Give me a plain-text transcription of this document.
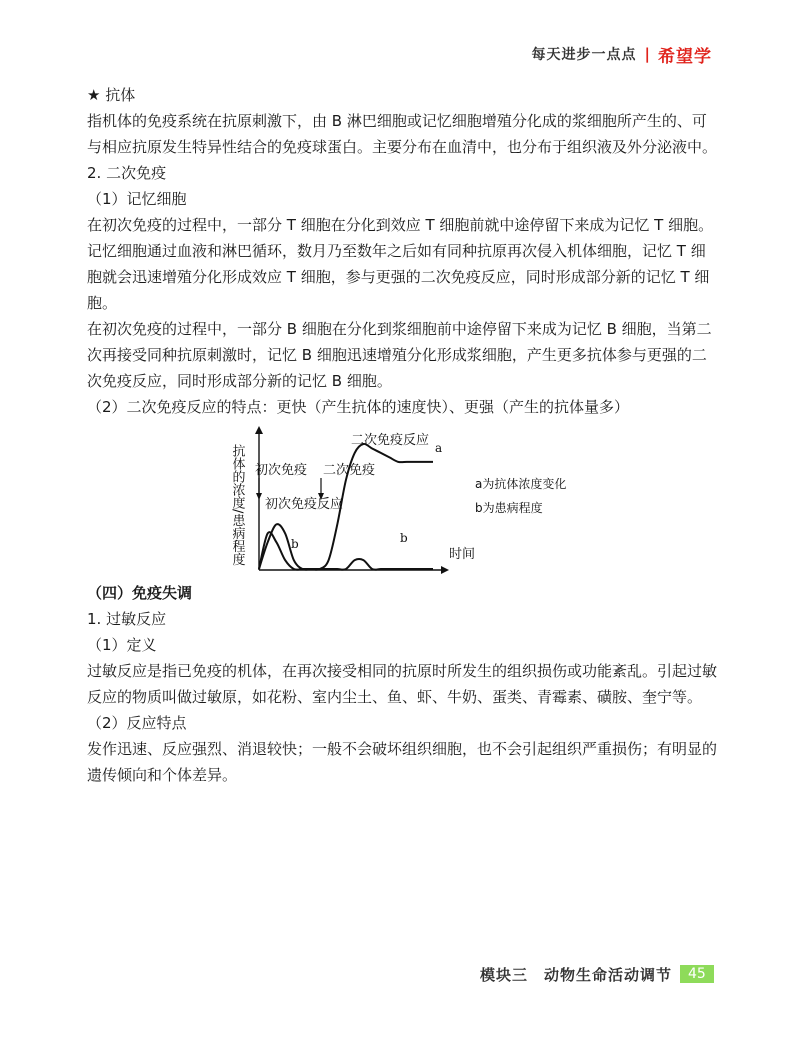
每天进步一点点 | 希望学

★ 抗体

指机体的免疫系统在抗原刺激下，由 B 淋巴细胞或记忆细胞增殖分化成的浆细胞所产生的、可与相应抗原发生特异性结合的免疫球蛋白。主要分布在血清中，也分布于组织液及外分泌液中。

2. 二次免疫

（1）记忆细胞

在初次免疫的过程中，一部分 T 细胞在分化到效应 T 细胞前就中途停留下来成为记忆 T 细胞。记忆细胞通过血液和淋巴循环，数月乃至数年之后如有同种抗原再次侵入机体细胞，记忆 T 细胞就会迅速增殖分化形成效应 T 细胞，参与更强的二次免疫反应，同时形成部分新的记忆 T 细胞。

在初次免疫的过程中，一部分 B 细胞在分化到浆细胞前中途停留下来成为记忆 B 细胞，当第二次再接受同种抗原刺激时，记忆 B 细胞迅速增殖分化形成浆细胞，产生更多抗体参与更强的二次免疫反应，同时形成部分新的记忆 B 细胞。

（2）二次免疫反应的特点：更快（产生抗体的速度快）、更强（产生的抗体量多）

抗体的浓度/患病程度
二次免疫反应
初次免疫 二次免疫
初次免疫反应
b	b
a
时间
a为抗体浓度变化
b为患病程度

（四）免疫失调

1. 过敏反应

（1）定义

过敏反应是指已免疫的机体，在再次接受相同的抗原时所发生的组织损伤或功能紊乱。引起过敏反应的物质叫做过敏原，如花粉、室内尘土、鱼、虾、牛奶、蛋类、青霉素、磺胺、奎宁等。

（2）反应特点

发作迅速、反应强烈、消退较快；一般不会破坏组织细胞，也不会引起组织严重损伤；有明显的遗传倾向和个体差异。

模块三　动物生命活动调节	45
